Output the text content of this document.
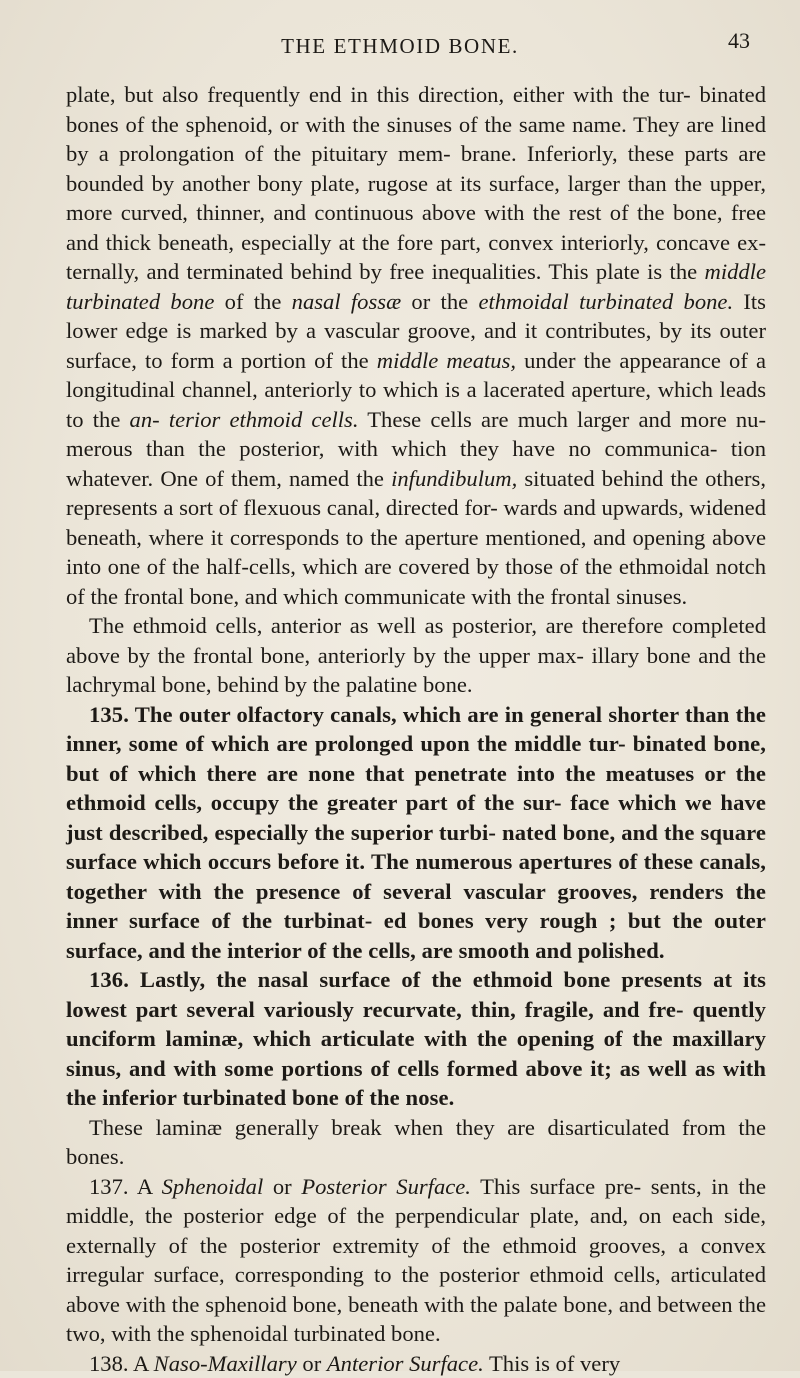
THE ETHMOID BONE.	43

plate, but also frequently end in this direction, either with the tur- binated bones of the sphenoid, or with the sinuses of the same name. They are lined by a prolongation of the pituitary mem- brane. Inferiorly, these parts are bounded by another bony plate, rugose at its surface, larger than the upper, more curved, thinner, and continuous above with the rest of the bone, free and thick beneath, especially at the fore part, convex interiorly, concave ex- ternally, and terminated behind by free inequalities. This plate is the middle turbinated bone of the nasal fossæ or the ethmoidal turbinated bone. Its lower edge is marked by a vascular groove, and it contributes, by its outer surface, to form a portion of the middle meatus, under the appearance of a longitudinal channel, anteriorly to which is a lacerated aperture, which leads to the an- terior ethmoid cells. These cells are much larger and more nu- merous than the posterior, with which they have no communica- tion whatever. One of them, named the infundibulum, situated behind the others, represents a sort of flexuous canal, directed for- wards and upwards, widened beneath, where it corresponds to the aperture mentioned, and opening above into one of the half-cells, which are covered by those of the ethmoidal notch of the frontal bone, and which communicate with the frontal sinuses.

The ethmoid cells, anterior as well as posterior, are therefore completed above by the frontal bone, anteriorly by the upper max- illary bone and the lachrymal bone, behind by the palatine bone.

135. The outer olfactory canals, which are in general shorter than the inner, some of which are prolonged upon the middle tur- binated bone, but of which there are none that penetrate into the meatuses or the ethmoid cells, occupy the greater part of the sur- face which we have just described, especially the superior turbi- nated bone, and the square surface which occurs before it. The numerous apertures of these canals, together with the presence of several vascular grooves, renders the inner surface of the turbinat- ed bones very rough ; but the outer surface, and the interior of the cells, are smooth and polished.

136. Lastly, the nasal surface of the ethmoid bone presents at its lowest part several variously recurvate, thin, fragile, and fre- quently unciform laminæ, which articulate with the opening of the maxillary sinus, and with some portions of cells formed above it; as well as with the inferior turbinated bone of the nose.

These laminæ generally break when they are disarticulated from the bones.

137. A Sphenoidal or Posterior Surface. This surface pre- sents, in the middle, the posterior edge of the perpendicular plate, and, on each side, externally of the posterior extremity of the ethmoid grooves, a convex irregular surface, corresponding to the posterior ethmoid cells, articulated above with the sphenoid bone, beneath with the palate bone, and between the two, with the sphenoidal turbinated bone.

138. A Naso-Maxillary or Anterior Surface. This is of very
